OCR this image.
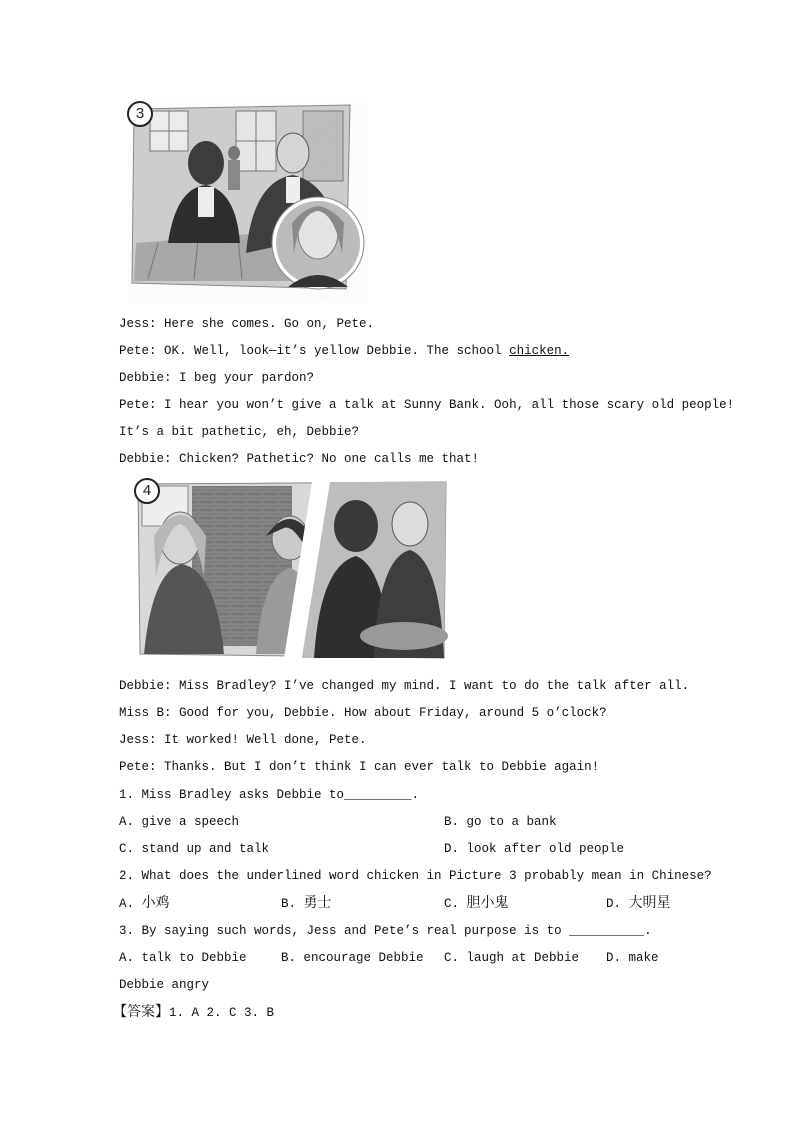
3
Jess: Here she comes. Go on, Pete.
Pete: OK. Well, look—it’s yellow Debbie. The school chicken.
Debbie: I beg your pardon?
Pete: I hear you won’t give a talk at Sunny Bank. Ooh, all those scary old people!
It’s a bit pathetic, eh, Debbie?
Debbie: Chicken? Pathetic? No one calls me that!
4
Debbie: Miss Bradley? I’ve changed my mind. I want to do the talk after all.
Miss B: Good for you, Debbie. How about Friday, around 5 o’clock?
Jess: It worked! Well done, Pete.
Pete: Thanks. But I don’t think I can ever talk to Debbie again!
1. Miss Bradley asks Debbie to_________.
A. give a speech	B. go to a bank
C. stand up and talk	D. look after old people
2. What does the underlined word chicken in Picture 3 probably mean in Chinese?
A. 小鸡	B. 勇士	C. 胆小鬼	D. 大明星
3. By saying such words, Jess and Pete’s real purpose is to __________.
A. talk to Debbie	B. encourage Debbie C. laugh at Debbie D. make
Debbie angry
【答案】1. A 2. C 3. B
